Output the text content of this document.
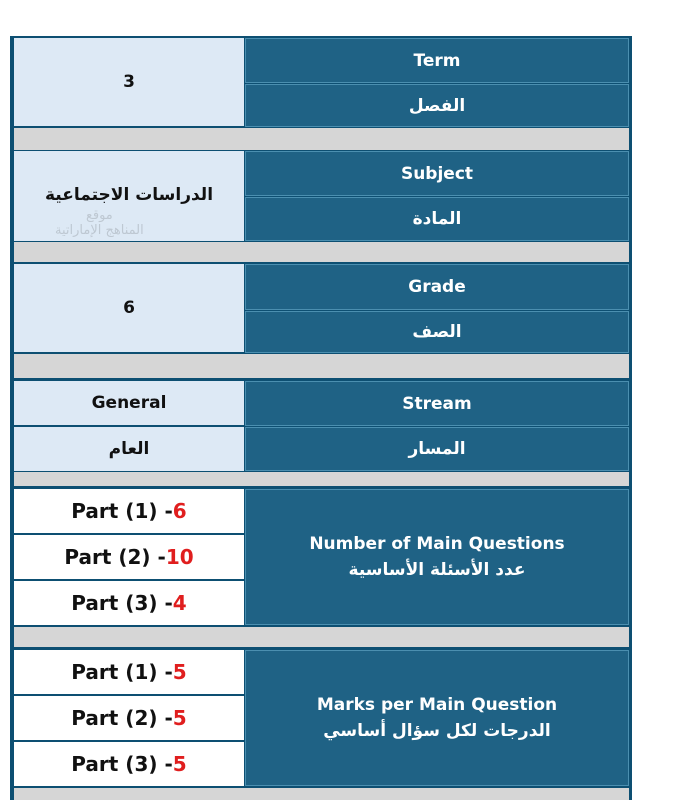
3
Term
الفصل
الدراسات الاجتماعية
Subject
المادة
موقع
المناهج الإماراتية
6
Grade
الصف
General
العام
Stream
المسار
Part (1) - 6
Part (2) - 10
Part (3) - 4
Number of Main Questions
عدد الأسئلة الأساسية
Part (1) - 5
Part (2) - 5
Part (3) - 5
Marks per Main Question
الدرجات لكل سؤال أساسي
